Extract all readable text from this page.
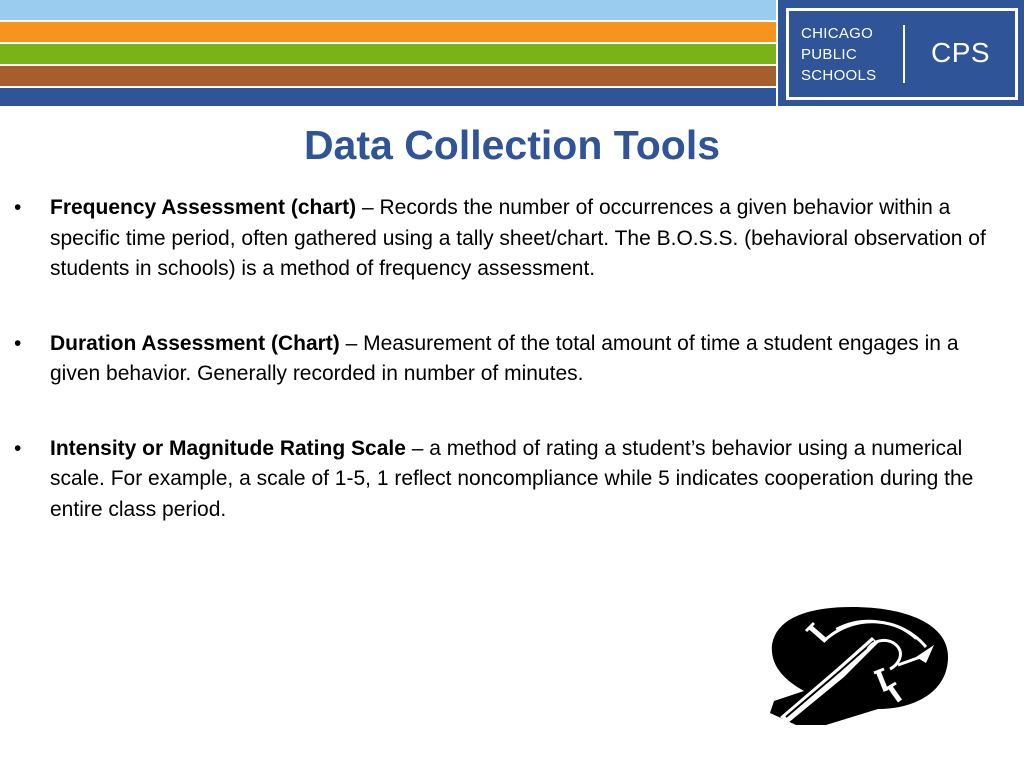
CHICAGO
PUBLIC
SCHOOLS
CPS
Data Collection Tools
• Frequency Assessment (chart) – Records the number of occurrences a given behavior within a specific time period, often gathered using a tally sheet/chart. The B.O.S.S. (behavioral observation of students in schools) is a method of frequency assessment.
• Duration Assessment (Chart) – Measurement of the total amount of time a student engages in a given behavior. Generally recorded in number of minutes.
• Intensity or Magnitude Rating Scale – a method of rating a student’s behavior using a numerical scale. For example, a scale of 1-5, 1 reflect noncompliance while 5 indicates cooperation during the entire class period.
